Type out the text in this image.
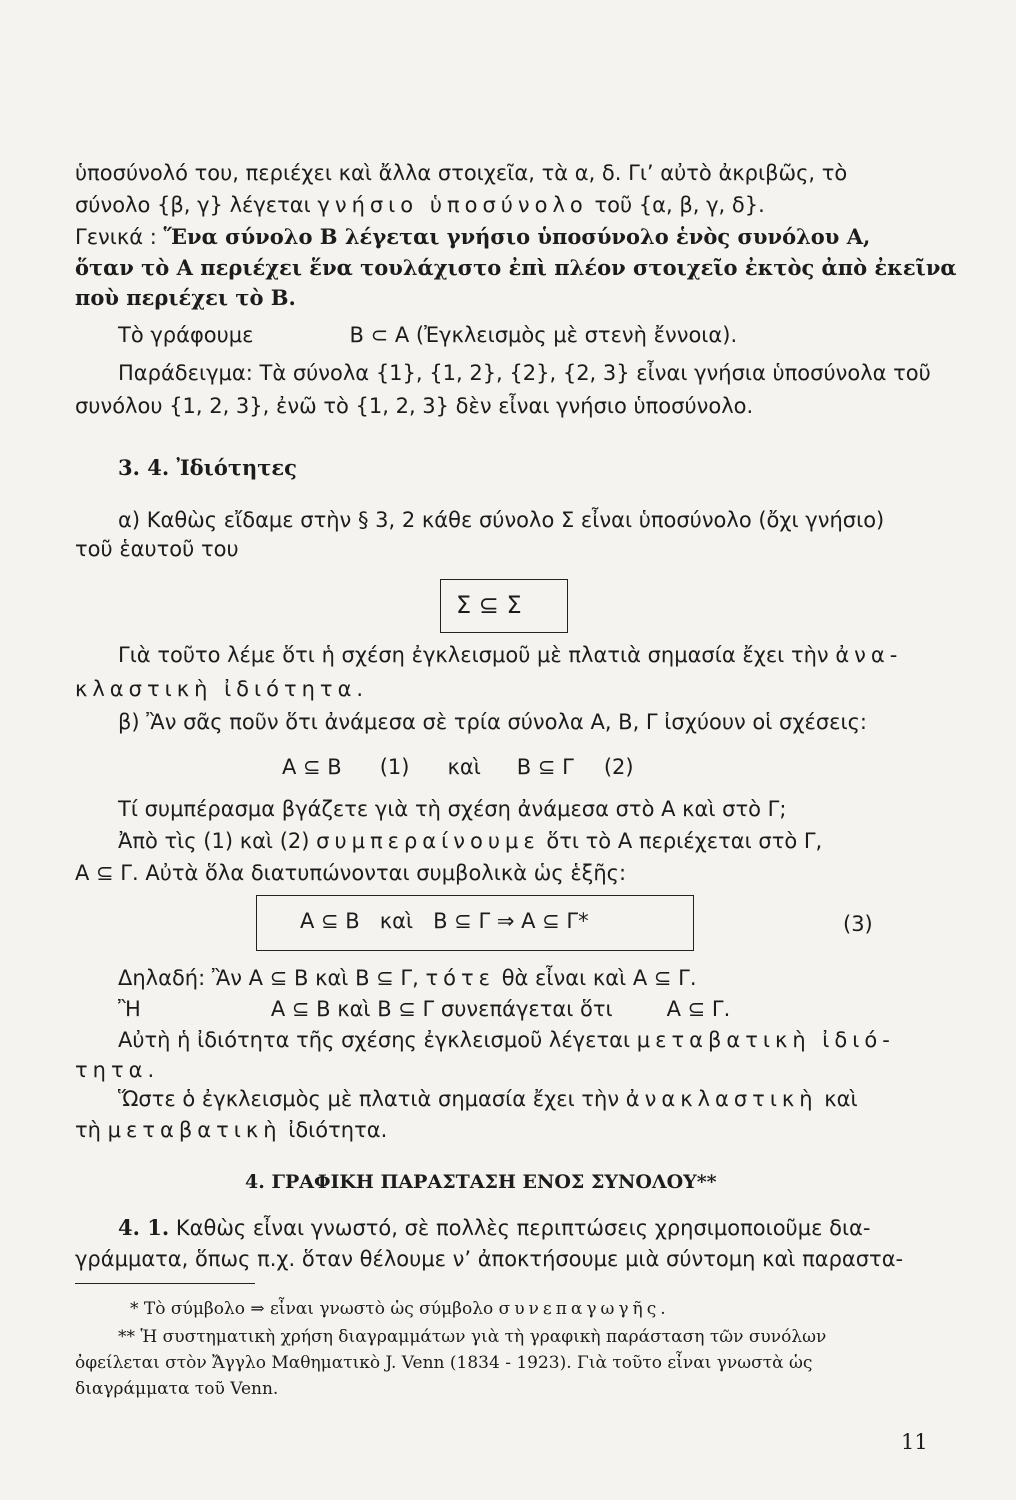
ὑποσύνολό του, περιέχει καὶ ἄλλα στοιχεῖα, τὰ α, δ. Γι’ αὐτὸ ἀκριβῶς, τὸ
σύνολο {β, γ} λέγεται γνήσιο ὑποσύνολο τοῦ {α, β, γ, δ}.
Γενικά : Ἕνα σύνολο Β λέγεται γνήσιο ὑποσύνολο ἑνὸς συνόλου Α,
ὅταν τὸ Α περιέχει ἕνα τουλάχιστο ἐπὶ πλέον στοιχεῖο ἐκτὸς ἀπὸ ἐκεῖνα
ποὺ περιέχει τὸ Β.
Τὸ γράφουμε	Β ⊂ Α (Ἐγκλεισμὸς μὲ στενὴ ἔννοια).
Παράδειγμα: Τὰ σύνολα {1}, {1, 2}, {2}, {2, 3} εἶναι γνήσια ὑποσύνολα τοῦ
συνόλου {1, 2, 3}, ἐνῶ τὸ {1, 2, 3} δὲν εἶναι γνήσιο ὑποσύνολο.
3. 4. Ἰδιότητες
α) Καθὼς εἴδαμε στὴν § 3, 2 κάθε σύνολο Σ εἶναι ὑποσύνολο (ὄχι γνήσιο)
τοῦ ἑαυτοῦ του
Σ ⊆ Σ
Γιὰ τοῦτο λέμε ὅτι ἡ σχέση ἐγκλεισμοῦ μὲ πλατιὰ σημασία ἔχει τὴν ἀνα-
κλαστικὴ ἰδιότητα.
β) Ἂν σᾶς ποῦν ὅτι ἀνάμεσα σὲ τρία σύνολα Α, Β, Γ ἰσχύουν οἱ σχέσεις:
Α ⊆ Β (1) καὶ Β ⊆ Γ (2)
Τί συμπέρασμα βγάζετε γιὰ τὴ σχέση ἀνάμεσα στὸ Α καὶ στὸ Γ;
Ἀπὸ τὶς (1) καὶ (2) συμπεραίνουμε ὅτι τὸ Α περιέχεται στὸ Γ,
Α ⊆ Γ. Αὐτὰ ὅλα διατυπώνονται συμβολικὰ ὡς ἑξῆς:
Α ⊆ Β   καὶ   Β ⊆ Γ ⇒ Α ⊆ Γ*	(3)
Δηλαδή: Ἂν Α ⊆ Β καὶ Β ⊆ Γ, τότε θὰ εἶναι καὶ Α ⊆ Γ.
Ἢ	Α ⊆ Β καὶ Β ⊆ Γ συνεπάγεται ὅτι	Α ⊆ Γ.
Αὐτὴ ἡ ἰδιότητα τῆς σχέσης ἐγκλεισμοῦ λέγεται μεταβατικὴ ἰδιό-
τητα.
Ὥστε ὁ ἐγκλεισμὸς μὲ πλατιὰ σημασία ἔχει τὴν ἀνακλαστικὴ καὶ
τὴ μεταβατικὴ ἰδιότητα.
4. ΓΡΑΦΙΚΗ ΠΑΡΑΣΤΑΣΗ ΕΝΟΣ ΣΥΝΟΛΟΥ**
4. 1. Καθὼς εἶναι γνωστό, σὲ πολλὲς περιπτώσεις χρησιμοποιοῦμε δια-
γράμματα, ὅπως π.χ. ὅταν θέλουμε ν’ ἀποκτήσουμε μιὰ σύντομη καὶ παραστα-
* Τὸ σύμβολο ⇒ εἶναι γνωστὸ ὡς σύμβολο συνεπαγωγῆς.
** Ἡ συστηματικὴ χρήση διαγραμμάτων γιὰ τὴ γραφικὴ παράσταση τῶν συνόλων
ὀφείλεται στὸν Ἄγγλο Μαθηματικὸ J. Venn (1834 - 1923). Γιὰ τοῦτο εἶναι γνωστὰ ὡς
διαγράμματα τοῦ Venn.
11
